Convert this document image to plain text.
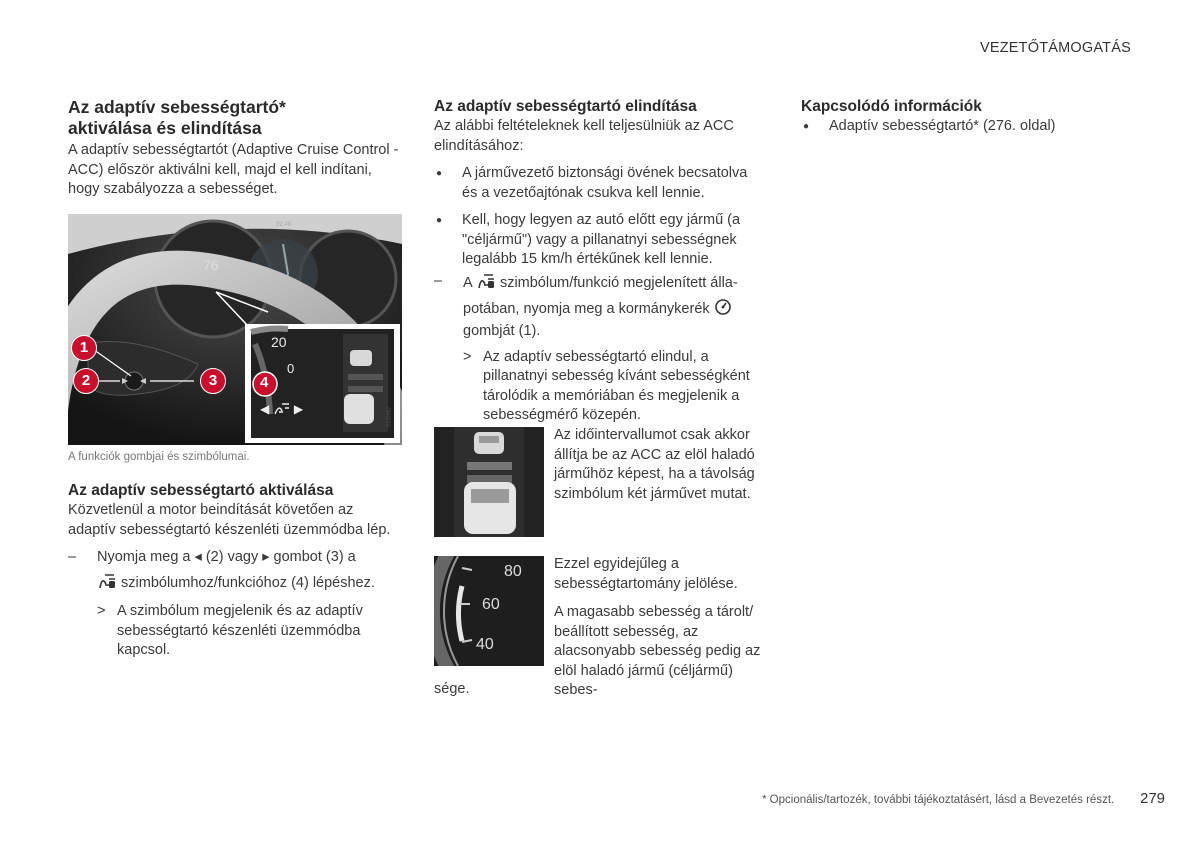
VEZETŐTÁMOGATÁS
Az adaptív sebességtartó* aktiválása és elindítása
A adaptív sebességtartót (Adaptive Cruise Control - ACC) először aktiválni kell, majd el kell indítani, hogy szabályozza a sebességet.
76
22:46
20
0
◀  ▶	G032867
1
2	3	4
A funkciók gombjai és szimbólumai.
Az adaptív sebességtartó aktiválása
Közvetlenül a motor beindítását követően az adaptív sebességtartó készenléti üzemmódba lép.
– Nyomja meg a ◂ (2) vagy ▸ gombot (3) a
szimbólumhoz/funkcióhoz (4) lépéshez.
> A szimbólum megjelenik és az adaptív sebességtartó készenléti üzemmódba kapcsol.
Az adaptív sebességtartó elindítása
Az alábbi feltételeknek kell teljesülniük az ACC elindításához:
● A járművezető biztonsági övének becsatolva és a vezetőajtónak csukva kell lennie.
● Kell, hogy legyen az autó előtt egy jármű (a "céljármű") vagy a pillanatnyi sebességnek legalább 15 km/h értékűnek kell lennie.
– A szimbólum/funkció megjelenített álla-
potában, nyomja meg a kormánykerék
gombját (1).
> Az adaptív sebességtartó elindul, a pillanatnyi sebesség kívánt sebességként tárolódik a memóriában és megjelenik a sebességmérő közepén.
Az időintervallumot csak akkor állítja be az ACC az elöl haladó járműhöz képest, ha a távolság szimbólum két járművet mutat.
80
60
40
Ezzel egyidejűleg a sebességtartomány jelölése.
A magasabb sebesség a tárolt/ beállított sebesség, az alacsonyabb sebesség pedig az elöl haladó jármű (céljármű) sebes-
sége.
Kapcsolódó információk
● Adaptív sebességtartó* (276. oldal)
* Opcionális/tartozék, további tájékoztatásért, lásd a Bevezetés részt. 279
